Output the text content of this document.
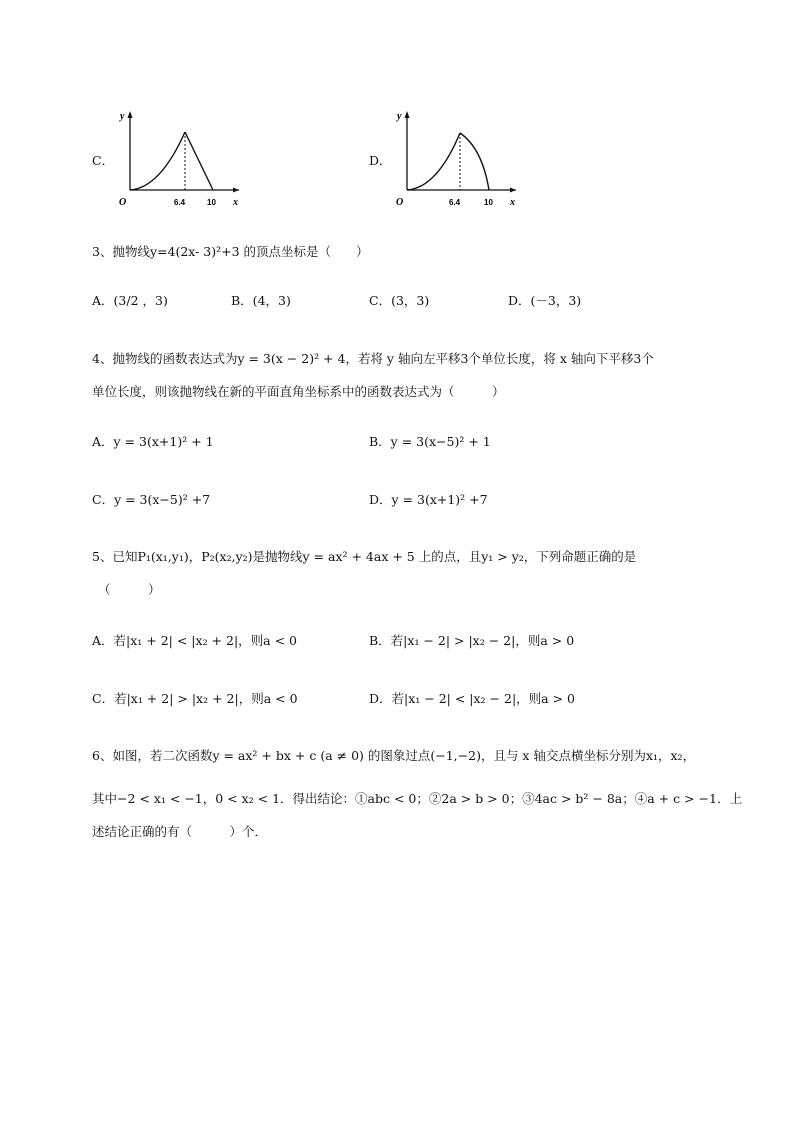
C．
y
x
O	6.4	10
D．
y
x
O	6.4	10
3、抛物线y=4(2x- 3)²+3 的顶点坐标是（　　）
A．(3/2 ，3)	B．(4，3)	C．(3，3)	D．(－3，3)
4、抛物线的函数表达式为y = 3(x − 2)² + 4，若将 y 轴向左平移3个单位长度，将 x 轴向下平移3个
单位长度，则该抛物线在新的平面直角坐标系中的函数表达式为（　　　）
A．y = 3(x+1)² + 1	B．y = 3(x−5)² + 1
C．y = 3(x−5)² +7	D．y = 3(x+1)² +7
5、已知P₁(x₁,y₁)，P₂(x₂,y₂)是抛物线y = ax² + 4ax + 5 上的点，且y₁ > y₂，下列命题正确的是
（　　　）
A．若|x₁ + 2| < |x₂ + 2|，则a < 0	B．若|x₁ − 2| > |x₂ − 2|，则a > 0
C．若|x₁ + 2| > |x₂ + 2|，则a < 0	D．若|x₁ − 2| < |x₂ − 2|，则a > 0
6、如图，若二次函数y = ax² + bx + c (a ≠ 0) 的图象过点(−1,−2)，且与 x 轴交点横坐标分别为x₁，x₂，
其中−2 < x₁ < −1，0 < x₂ < 1．得出结论：①abc < 0；②2a > b > 0；③4ac > b² − 8a；④a + c > −1．上
述结论正确的有（　　　）个．
